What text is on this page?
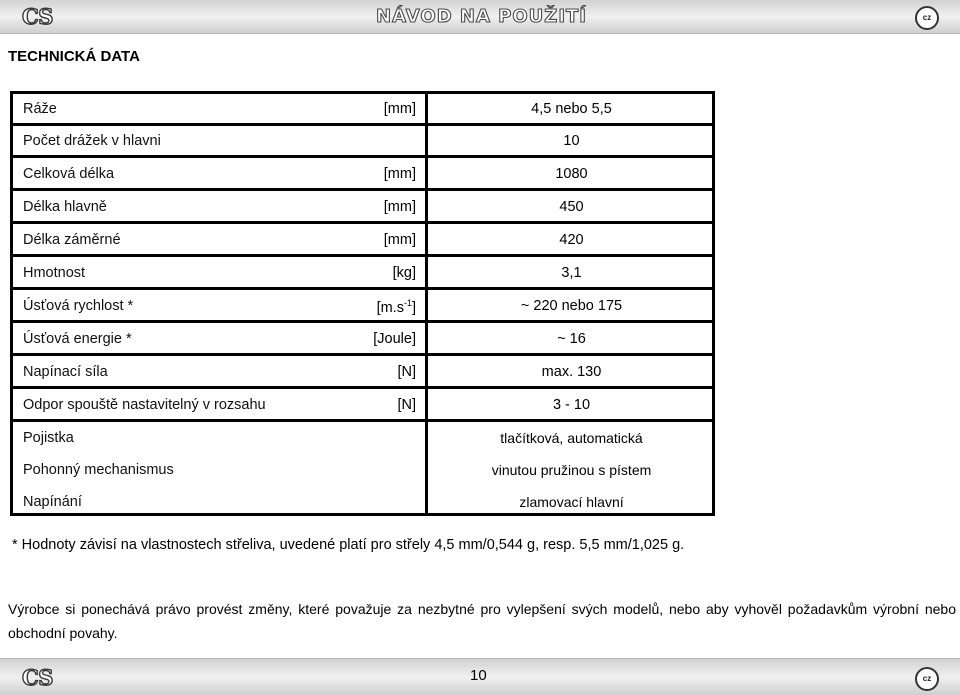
CS	NÁVOD NA POUŽITÍ	cz
TECHNICKÁ DATA
Ráže	[mm]	4,5 nebo 5,5
Počet drážek v hlavni	10
Celková délka	[mm]	1080
Délka hlavně	[mm]	450
Délka záměrné	[mm]	420
Hmotnost	[kg]	3,1
Úsťová rychlost *	$[m.s^{-1}]$	~ 220 nebo 175
Úsťová energie *	[Joule]	~ 16
Napínací síla	[N]	max. 130
Odpor spouště nastavitelný v rozsahu	[N]	3 - 10
Pojistka	tlačítková, automatická
Pohonný mechanismus	vinutou pružinou s pístem
Napínání	zlamovací hlavní
* Hodnoty závisí na vlastnostech střeliva, uvedené platí pro střely 4,5 mm/0,544 g, resp. 5,5 mm/1,025 g.
Výrobce si ponechává právo provést změny, které považuje za nezbytné pro vylepšení svých modelů, nebo aby vyhověl požadavkům výrobní nebo obchodní povahy.
CS	10	cz
